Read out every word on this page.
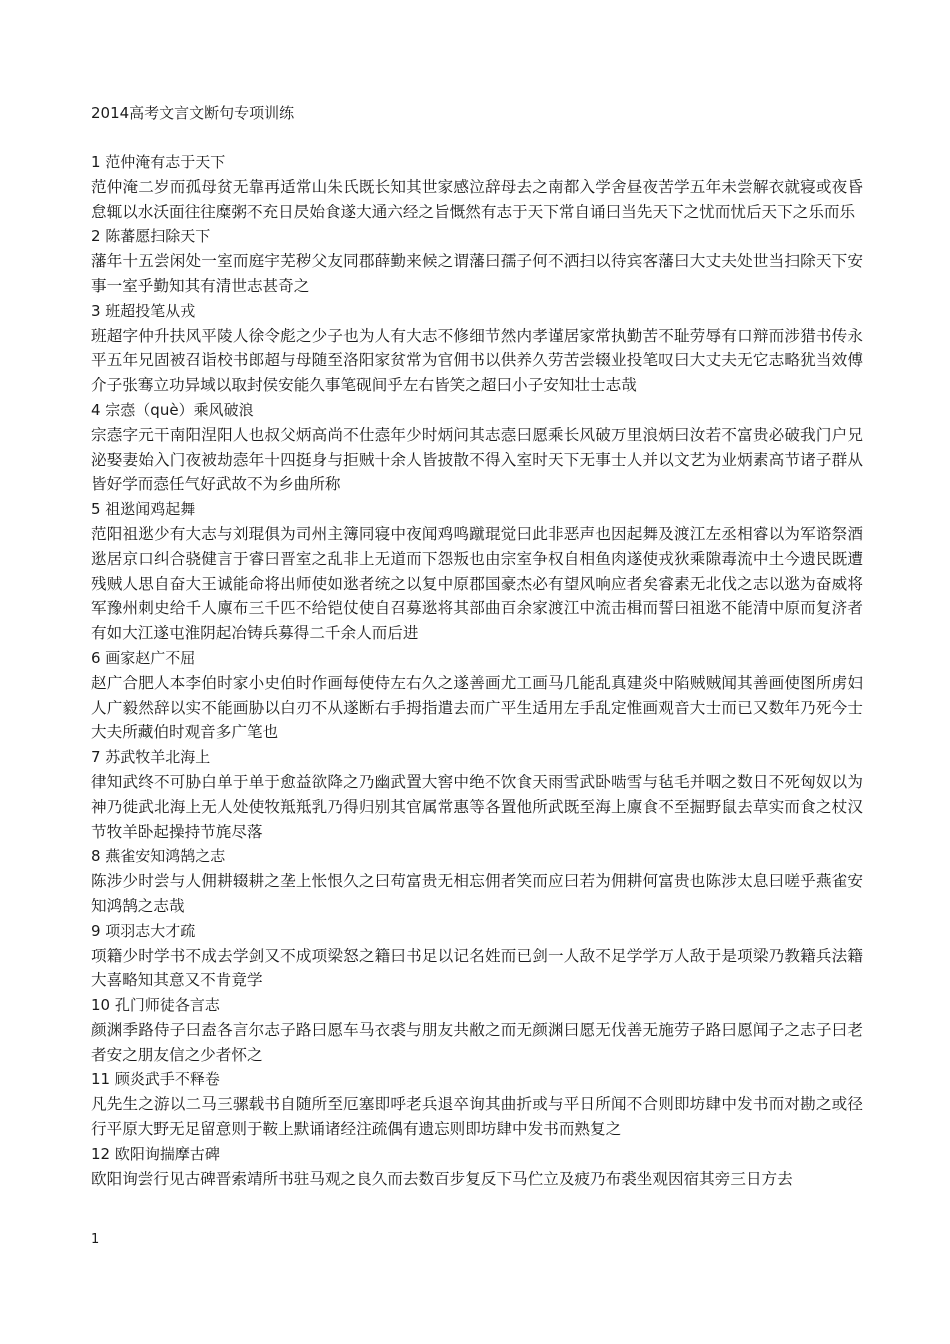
2014高考文言文断句专项训练
1 范仲淹有志于天下

范仲淹二岁而孤母贫无靠再适常山朱氏既长知其世家感泣辞母去之南都入学舍昼夜苦学五年未尝解衣就寝或夜昏怠辄以水沃面往往糜粥不充日昃始食遂大通六经之旨慨然有志于天下常自诵曰当先天下之忧而忧后天下之乐而乐

2 陈蕃愿扫除天下

藩年十五尝闲处一室而庭宇芜秽父友同郡薛勤来候之谓藩曰孺子何不洒扫以待宾客藩曰大丈夫处世当扫除天下安事一室乎勤知其有清世志甚奇之

3 班超投笔从戎

班超字仲升扶风平陵人徐令彪之少子也为人有大志不修细节然内孝谨居家常执勤苦不耻劳辱有口辩而涉猎书传永平五年兄固被召诣校书郎超与母随至洛阳家贫常为官佣书以供养久劳苦尝辍业投笔叹曰大丈夫无它志略犹当效傅介子张骞立功异域以取封侯安能久事笔砚间乎左右皆笑之超曰小子安知壮士志哉

4 宗悫（què）乘风破浪

宗悫字元干南阳涅阳人也叔父炳高尚不仕悫年少时炳问其志悫曰愿乘长风破万里浪炳曰汝若不富贵必破我门户兄泌娶妻始入门夜被劫悫年十四挺身与拒贼十余人皆披散不得入室时天下无事士人并以文艺为业炳素高节诸子群从皆好学而悫任气好武故不为乡曲所称

5 祖逖闻鸡起舞

范阳祖逖少有大志与刘琨俱为司州主簿同寝中夜闻鸡鸣蹴琨觉曰此非恶声也因起舞及渡江左丞相睿以为军谘祭酒逖居京口纠合骁健言于睿曰晋室之乱非上无道而下怨叛也由宗室争权自相鱼肉遂使戎狄乘隙毒流中土今遗民既遭残贼人思自奋大王诚能命将出师使如逖者统之以复中原郡国豪杰必有望风响应者矣睿素无北伐之志以逖为奋威将军豫州刺史给千人廪布三千匹不给铠仗使自召募逖将其部曲百余家渡江中流击楫而誓曰祖逖不能清中原而复济者有如大江遂屯淮阴起冶铸兵募得二千余人而后进

6 画家赵广不屈

赵广合肥人本李伯时家小史伯时作画每使侍左右久之遂善画尤工画马几能乱真建炎中陷贼贼闻其善画使图所虏妇人广毅然辞以实不能画胁以白刃不从遂断右手拇指遣去而广平生适用左手乱定惟画观音大士而已又数年乃死今士大夫所藏伯时观音多广笔也

7 苏武牧羊北海上

律知武终不可胁白单于单于愈益欲降之乃幽武置大窖中绝不饮食天雨雪武卧啮雪与毡毛并咽之数日不死匈奴以为神乃徙武北海上无人处使牧羝羝乳乃得归别其官属常惠等各置他所武既至海上廪食不至掘野鼠去草实而食之杖汉节牧羊卧起操持节旄尽落

8 燕雀安知鸿鹄之志

陈涉少时尝与人佣耕辍耕之垄上怅恨久之曰苟富贵无相忘佣者笑而应曰若为佣耕何富贵也陈涉太息曰嗟乎燕雀安知鸿鹄之志哉

9 项羽志大才疏

项籍少时学书不成去学剑又不成项梁怒之籍曰书足以记名姓而已剑一人敌不足学学万人敌于是项梁乃教籍兵法籍大喜略知其意又不肯竟学

10 孔门师徒各言志

颜渊季路侍子曰盍各言尔志子路曰愿车马衣裘与朋友共敝之而无颜渊曰愿无伐善无施劳子路曰愿闻子之志子曰老者安之朋友信之少者怀之

11 顾炎武手不释卷

凡先生之游以二马三骡载书自随所至厄塞即呼老兵退卒询其曲折或与平日所闻不合则即坊肆中发书而对勘之或径行平原大野无足留意则于鞍上默诵诸经注疏偶有遗忘则即坊肆中发书而熟复之

12 欧阳询揣摩古碑

欧阳询尝行见古碑晋索靖所书驻马观之良久而去数百步复反下马伫立及疲乃布裘坐观因宿其旁三日方去

1
